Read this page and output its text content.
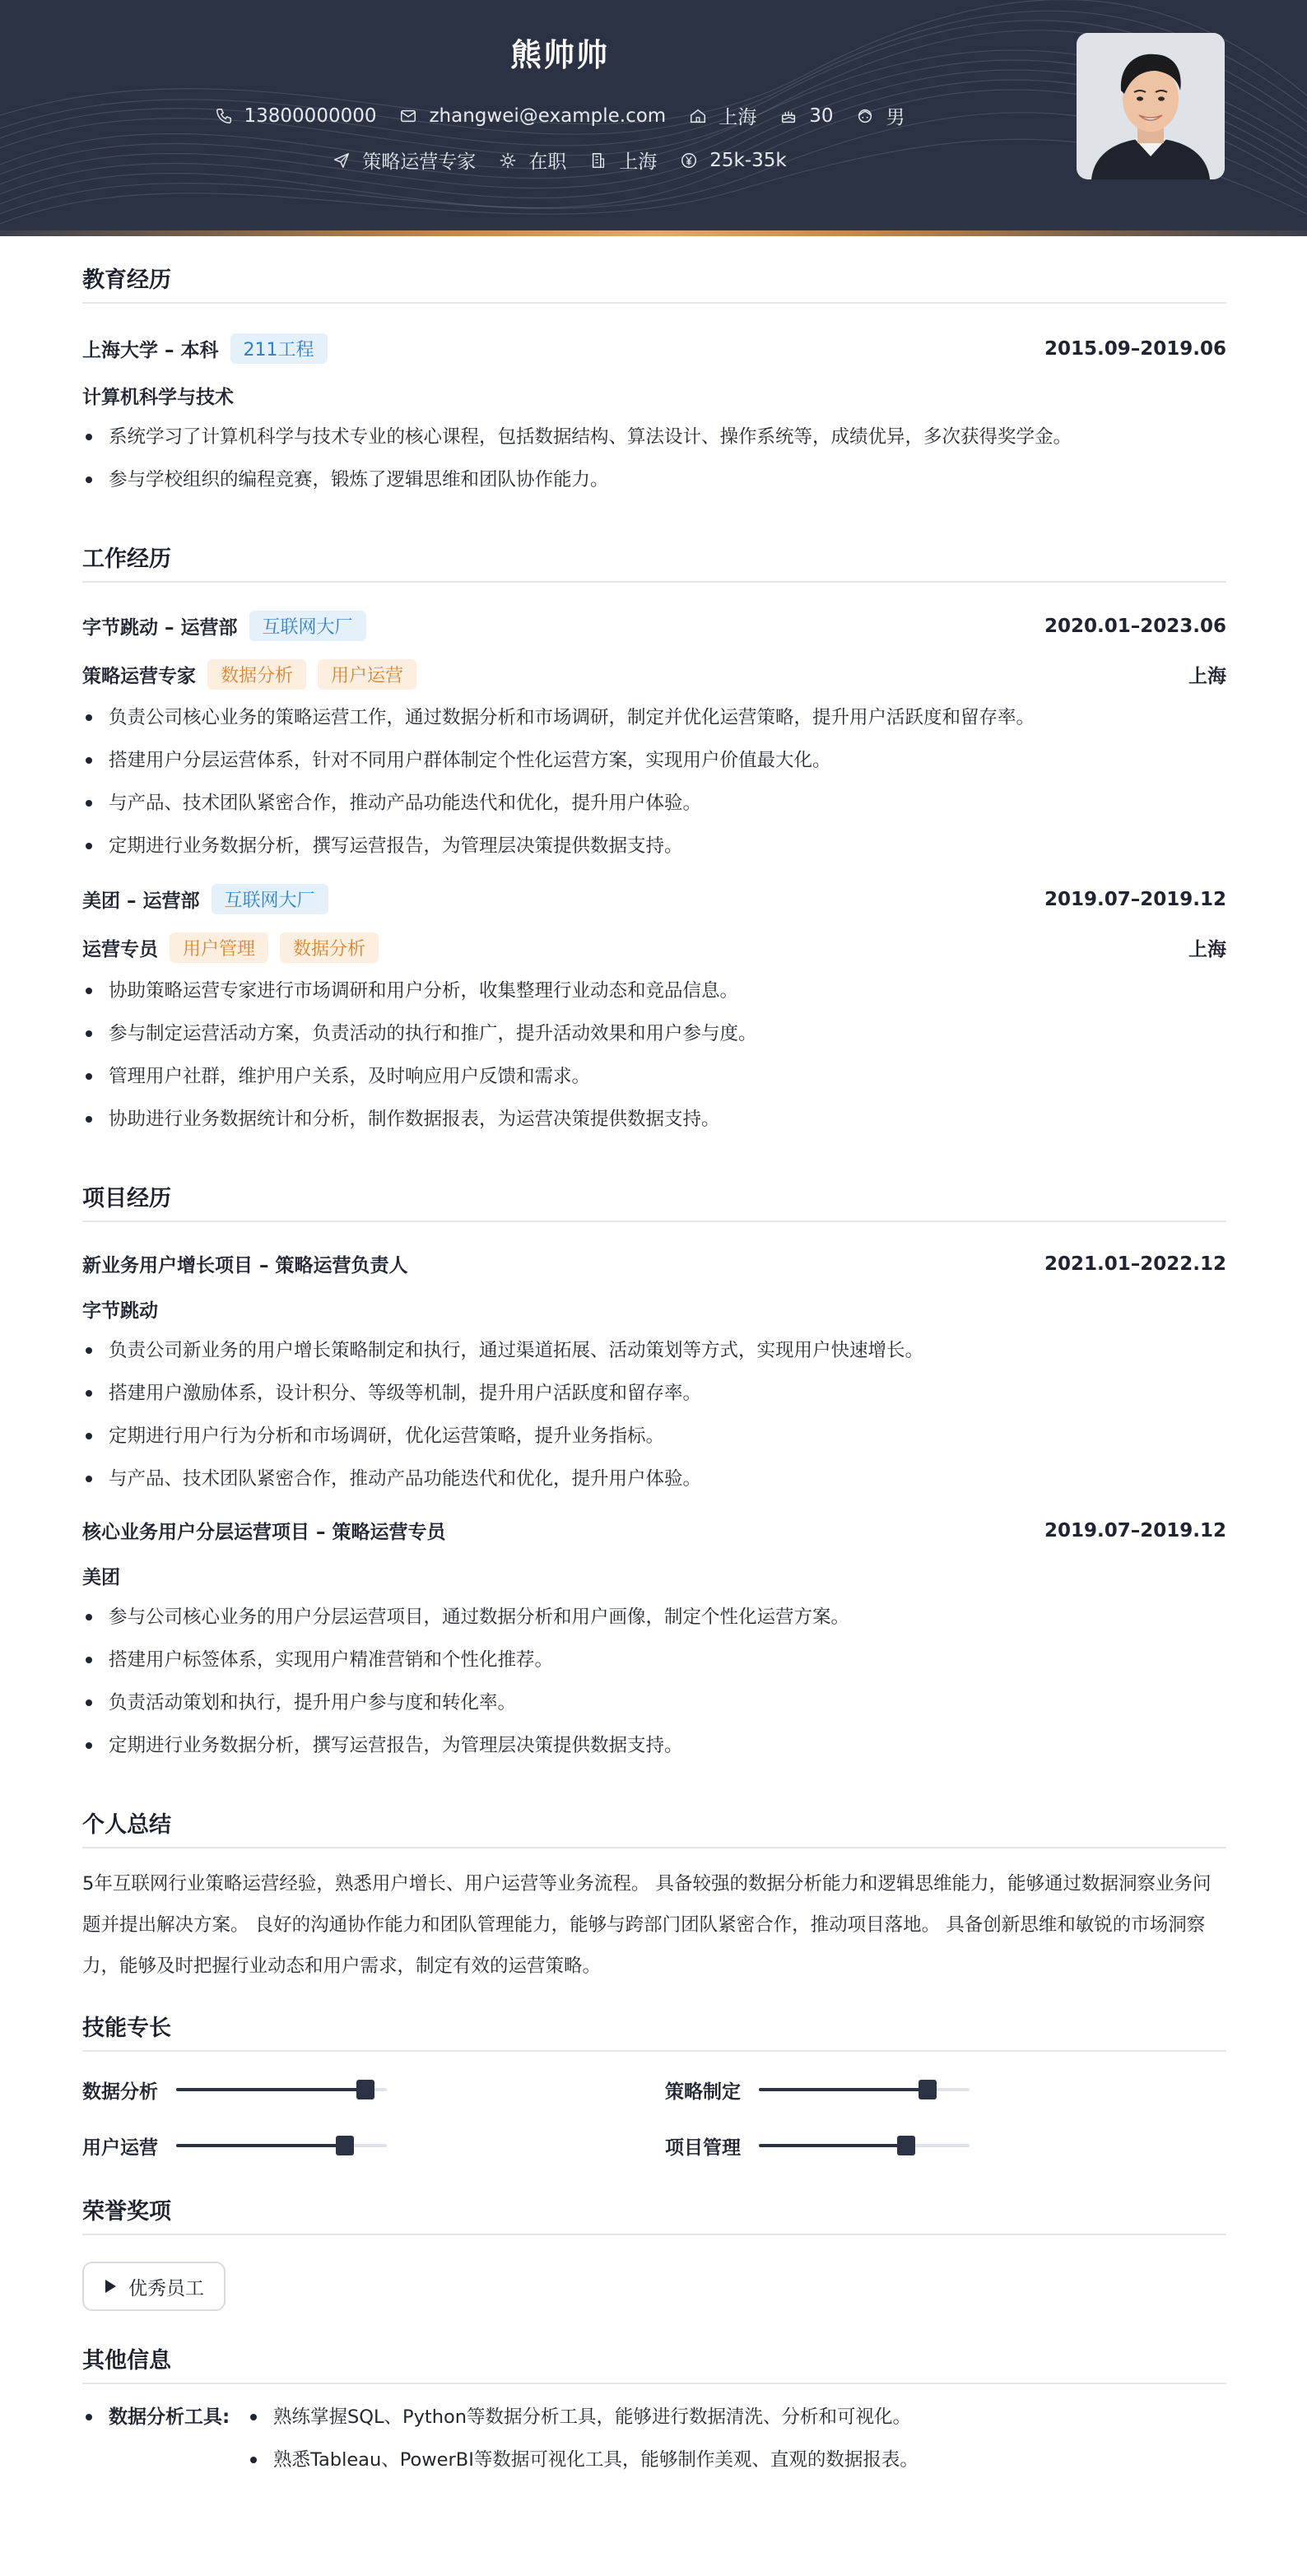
熊帅帅
13800000000	zhangwei@example.com	上海	30	男
策略运营专家	在职	上海	25k-35k
教育经历
上海大学 – 本科	211工程	2015.09–2019.06
计算机科学与技术
系统学习了计算机科学与技术专业的核心课程，包括数据结构、算法设计、操作系统等，成绩优异，多次获得奖学金。
参与学校组织的编程竞赛，锻炼了逻辑思维和团队协作能力。
工作经历
字节跳动 – 运营部	互联网大厂	2020.01–2023.06
策略运营专家	数据分析	用户运营	上海
负责公司核心业务的策略运营工作，通过数据分析和市场调研，制定并优化运营策略，提升用户活跃度和留存率。
搭建用户分层运营体系，针对不同用户群体制定个性化运营方案，实现用户价值最大化。
与产品、技术团队紧密合作，推动产品功能迭代和优化，提升用户体验。
定期进行业务数据分析，撰写运营报告，为管理层决策提供数据支持。
美团 – 运营部	互联网大厂	2019.07–2019.12
运营专员	用户管理	数据分析	上海
协助策略运营专家进行市场调研和用户分析，收集整理行业动态和竞品信息。
参与制定运营活动方案，负责活动的执行和推广，提升活动效果和用户参与度。
管理用户社群，维护用户关系，及时响应用户反馈和需求。
协助进行业务数据统计和分析，制作数据报表，为运营决策提供数据支持。
项目经历
新业务用户增长项目 – 策略运营负责人	2021.01–2022.12
字节跳动
负责公司新业务的用户增长策略制定和执行，通过渠道拓展、活动策划等方式，实现用户快速增长。
搭建用户激励体系，设计积分、等级等机制，提升用户活跃度和留存率。
定期进行用户行为分析和市场调研，优化运营策略，提升业务指标。
与产品、技术团队紧密合作，推动产品功能迭代和优化，提升用户体验。
核心业务用户分层运营项目 – 策略运营专员	2019.07–2019.12
美团
参与公司核心业务的用户分层运营项目，通过数据分析和用户画像，制定个性化运营方案。
搭建用户标签体系，实现用户精准营销和个性化推荐。
负责活动策划和执行，提升用户参与度和转化率。
定期进行业务数据分析，撰写运营报告，为管理层决策提供数据支持。
个人总结

5年互联网行业策略运营经验，熟悉用户增长、用户运营等业务流程。 具备较强的数据分析能力和逻辑思维能力，能够通过数据洞察业务问题并提出解决方案。 良好的沟通协作能力和团队管理能力，能够与跨部门团队紧密合作，推动项目落地。 具备创新思维和敏锐的市场洞察力，能够及时把握行业动态和用户需求，制定有效的运营策略。

技能专长
数据分析	策略制定
用户运营	项目管理
荣誉奖项
优秀员工
其他信息
数据分析工具:	熟练掌握SQL、Python等数据分析工具，能够进行数据清洗、分析和可视化。
熟悉Tableau、PowerBI等数据可视化工具，能够制作美观、直观的数据报表。
